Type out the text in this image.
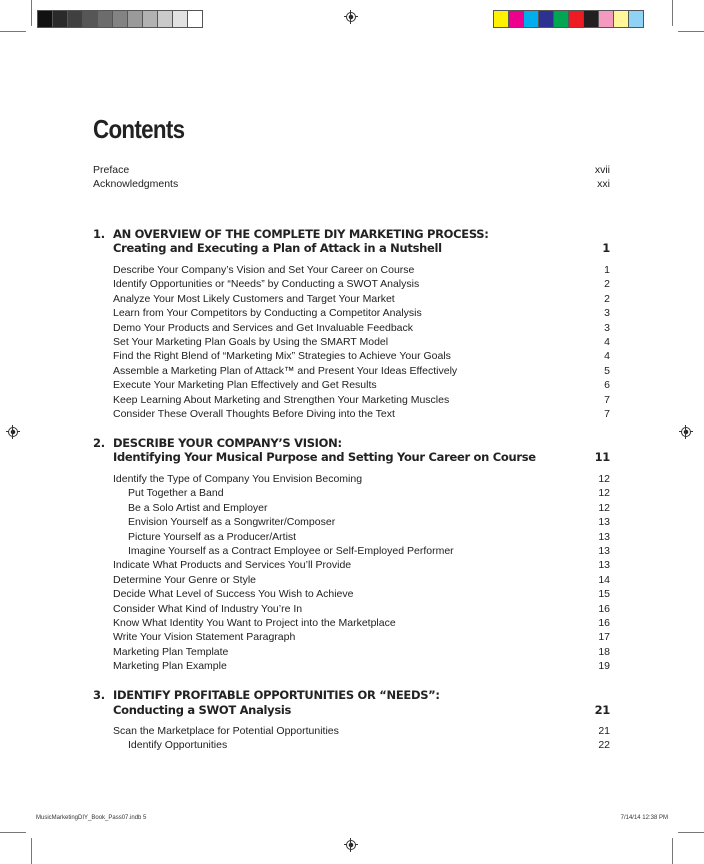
Contents
Preface	xvii
Acknowledgments	xxi
1. AN OVERVIEW OF THE COMPLETE DIY MARKETING PROCESS:
Creating and Executing a Plan of Attack in a Nutshell	1
Describe Your Company’s Vision and Set Your Career on Course	1
Identify Opportunities or “Needs” by Conducting a SWOT Analysis	2
Analyze Your Most Likely Customers and Target Your Market	2
Learn from Your Competitors by Conducting a Competitor Analysis	3
Demo Your Products and Services and Get Invaluable Feedback	3
Set Your Marketing Plan Goals by Using the SMART Model	4
Find the Right Blend of “Marketing Mix” Strategies to Achieve Your Goals	4
Assemble a Marketing Plan of Attack™ and Present Your Ideas Effectively	5
Execute Your Marketing Plan Effectively and Get Results	6
Keep Learning About Marketing and Strengthen Your Marketing Muscles	7
Consider These Overall Thoughts Before Diving into the Text	7
2. DESCRIBE YOUR COMPANY’S VISION:
Identifying Your Musical Purpose and Setting Your Career on Course	11
Identify the Type of Company You Envision Becoming	12
Put Together a Band	12
Be a Solo Artist and Employer	12
Envision Yourself as a Songwriter/Composer	13
Picture Yourself as a Producer/Artist	13
Imagine Yourself as a Contract Employee or Self-Employed Performer	13
Indicate What Products and Services You’ll Provide	13
Determine Your Genre or Style	14
Decide What Level of Success You Wish to Achieve	15
Consider What Kind of Industry You’re In	16
Know What Identity You Want to Project into the Marketplace	16
Write Your Vision Statement Paragraph	17
Marketing Plan Template	18
Marketing Plan Example	19
3. IDENTIFY PROFITABLE OPPORTUNITIES OR “NEEDS”:
Conducting a SWOT Analysis	21
Scan the Marketplace for Potential Opportunities	21
Identify Opportunities	22
MusicMarketingDIY_Book_Pass07.indb 5	7/14/14 12:38 PM
